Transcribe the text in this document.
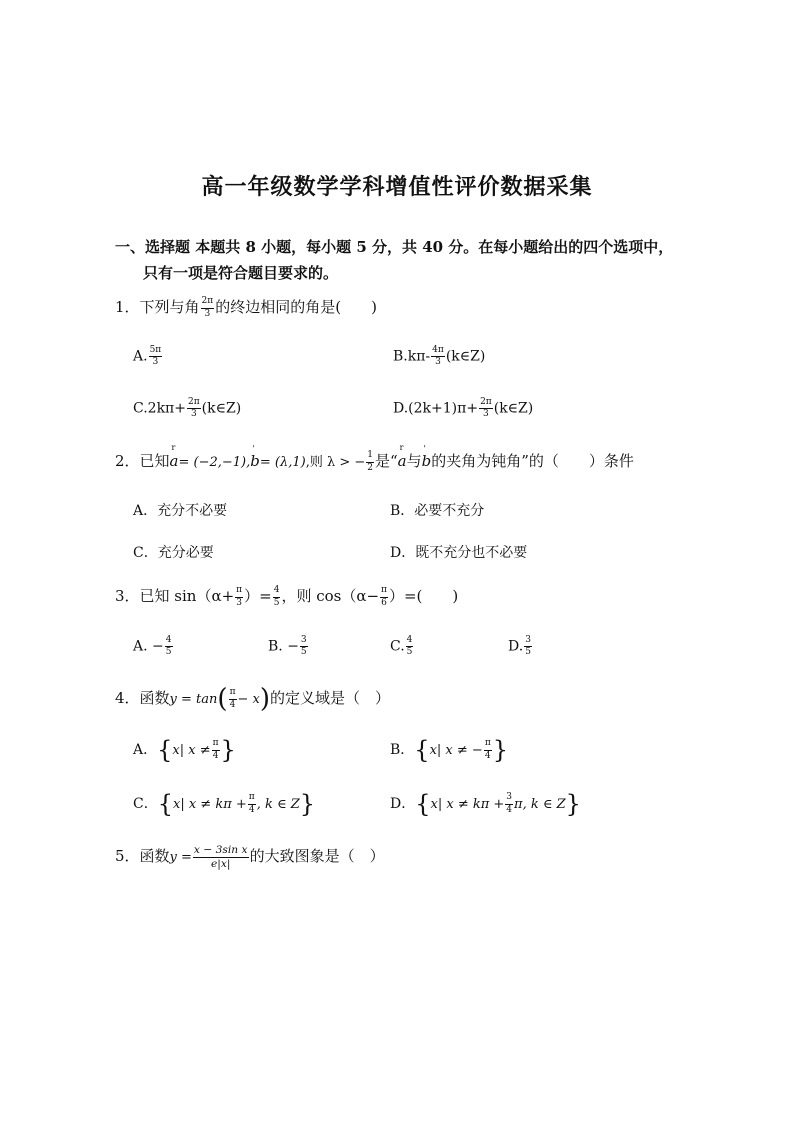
高一年级数学学科增值性评价数据采集
一、选择题 本题共 8 小题，每小题 5 分，共 40 分。在每小题给出的四个选项中，
只有一项是符合题目要求的。
1．下列与角 $\frac{2\pi}{3}$ 的终边相同的角是(　　)
A. $\frac{5\pi}{3}$	$B.k\pi- \frac{4\pi}{3}$ (k∈Z)
$C.2k\pi+ \frac{2\pi}{3}$ (k∈Z)	$D.(2k+1)\pi+ \frac{2\pi}{3}$ (k∈Z)
2．已知r a= (−2,−1),' b= (λ,1),则 λ > − $\frac{1}{2}$ 是“r a与' b的夹角为钝角”的（　　）条件
A．充分不必要	B．必要不充分
C．充分必要	D．既不充分也不必要
3．已知 $\sin(\alpha+ \frac{\pi}{3}$ ）= $\frac{4}{5}$ ，则 $\cos(\alpha- \frac{\pi}{6}$ ）=(　　)
A. − $\frac{4}{5}$	B. − $\frac{3}{5}$	C. $\frac{4}{5}$	D. $\frac{3}{5}$
4．函数$y = \tan( \frac{\pi}{4} - x)$的定义域是（　）
A．{x| $x \ne \frac{\pi}{4}$ }	B．{x| x ≠ − $\frac{\pi}{4}$ }
C．{x| $x \ne k\pi + \frac{\pi}{4}$ , k ∈ Z}	D．{x| $x \ne k\pi + \frac{3}{4} \pi$, k ∈ Z}
5．函数$y = \frac{\text{x − 3sin x}}{e|x|}$ 的大致图象是（　）
